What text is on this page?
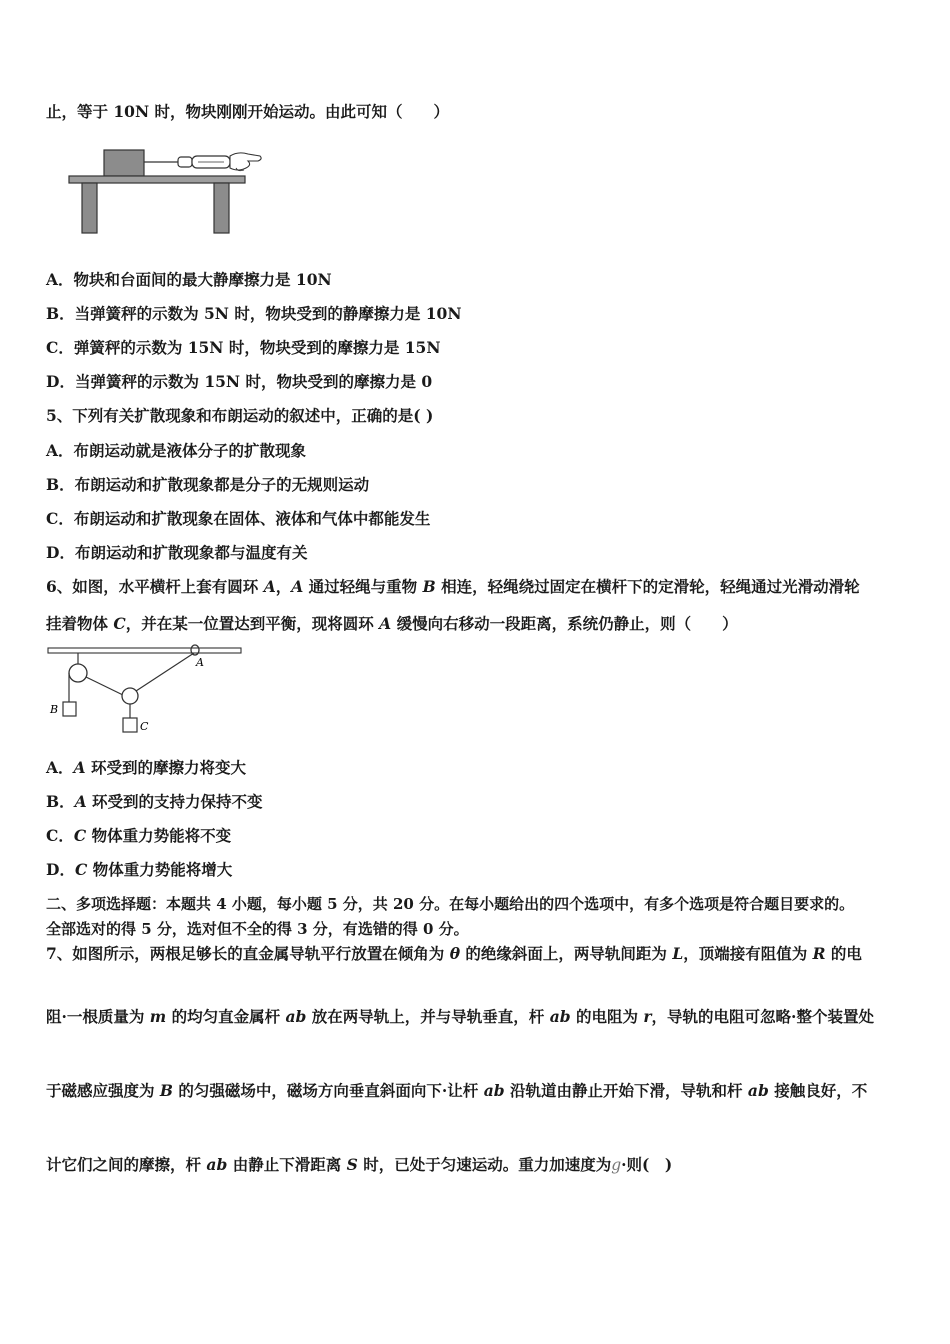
止，等于 10N 时，物块刚刚开始运动。由此可知（　　）
A．物块和台面间的最大静摩擦力是 10N
B．当弹簧秤的示数为 5N 时，物块受到的静摩擦力是 10N
C．弹簧秤的示数为 15N 时，物块受到的摩擦力是 15N
D．当弹簧秤的示数为 15N 时，物块受到的摩擦力是 0
5、下列有关扩散现象和布朗运动的叙述中，正确的是( )
A．布朗运动就是液体分子的扩散现象
B．布朗运动和扩散现象都是分子的无规则运动
C．布朗运动和扩散现象在固体、液体和气体中都能发生
D．布朗运动和扩散现象都与温度有关
6、如图，水平横杆上套有圆环 A，A 通过轻绳与重物 B 相连，轻绳绕过固定在横杆下的定滑轮，轻绳通过光滑动滑轮
挂着物体 C，并在某一位置达到平衡，现将圆环 A 缓慢向右移动一段距离，系统仍静止，则（　　）
B
A
C
A．A 环受到的摩擦力将变大
B．A 环受到的支持力保持不变
C．C 物体重力势能将不变
D．C 物体重力势能将增大
二、多项选择题：本题共 4 小题，每小题 5 分，共 20 分。在每小题给出的四个选项中，有多个选项是符合题目要求的。
全部选对的得 5 分，选对但不全的得 3 分，有选错的得 0 分。
7、如图所示，两根足够长的直金属导轨平行放置在倾角为 θ 的绝缘斜面上，两导轨间距为 L，顶端接有阻值为 R 的电
阻·一根质量为 m 的均匀直金属杆 ab 放在两导轨上，并与导轨垂直，杆 ab 的电阻为 r，导轨的电阻可忽略·整个装置处
于磁感应强度为 B 的匀强磁场中，磁场方向垂直斜面向下·让杆 ab 沿轨道由静止开始下滑，导轨和杆 ab 接触良好，不
计它们之间的摩擦，杆 ab 由静止下滑距离 S 时，已处于匀速运动。重力加速度为g·则(　)
